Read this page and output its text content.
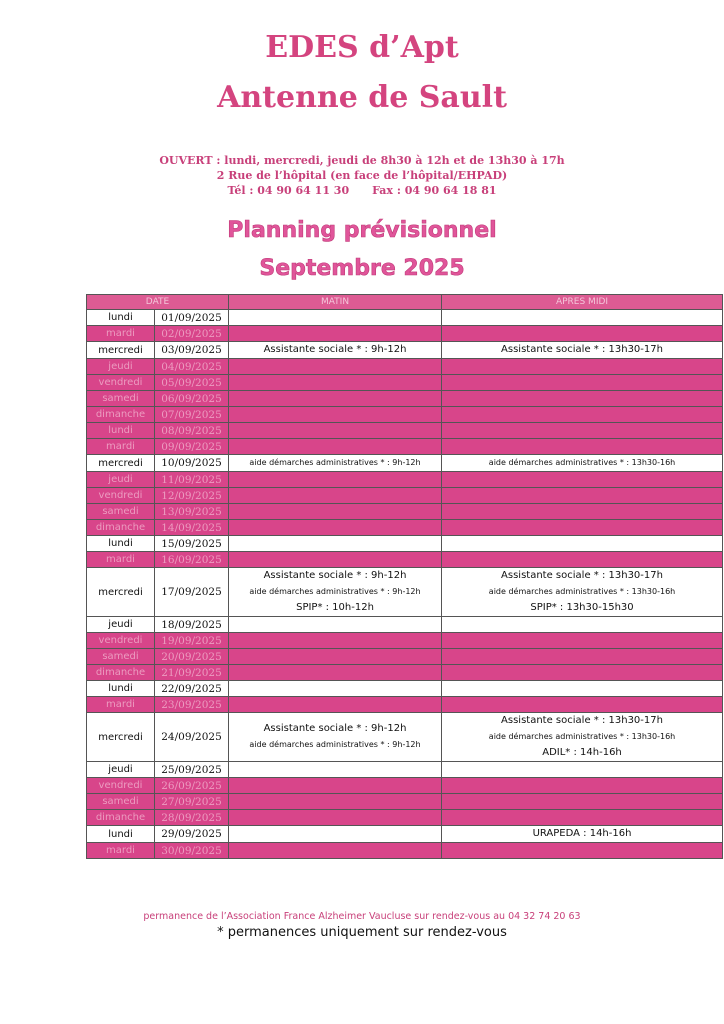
EDES d’Apt
Antenne de Sault
OUVERT : lundi, mercredi, jeudi de 8h30 à 12h et de 13h30 à 17h
2 Rue de l’hôpital (en face de l’hôpital/EHPAD)
Tél : 04 90 64 11 30      Fax : 04 90 64 18 81
Planning prévisionnel
Septembre 2025
DATE		MATIN	APRES MIDI
lundi	01/09/2025		
mardi	02/09/2025		
mercredi	03/09/2025	Assistante sociale * : 9h-12h	Assistante sociale * : 13h30-17h

jeudi	04/09/2025		
vendredi	05/09/2025		
samedi	06/09/2025		
dimanche	07/09/2025		
lundi	08/09/2025		
mardi	09/09/2025		
mercredi	10/09/2025	aide démarches administratives * : 9h-12h	aide démarches administratives * : 13h30-16h

jeudi	11/09/2025		
vendredi	12/09/2025		
samedi	13/09/2025		
dimanche	14/09/2025		
lundi	15/09/2025		
mardi	16/09/2025		
mercredi	17/09/2025	Assistante sociale * : 9h-12h
aide démarches administratives * : 9h-12h
SPIP* : 10h-12h	Assistante sociale * : 13h30-17h
aide démarches administratives * : 13h30-16h
SPIP* : 13h30-15h30

jeudi	18/09/2025		
vendredi	19/09/2025		
samedi	20/09/2025		
dimanche	21/09/2025		
lundi	22/09/2025		
mardi	23/09/2025		
mercredi	24/09/2025	Assistante sociale * : 9h-12h
aide démarches administratives * : 9h-12h	Assistante sociale * : 13h30-17h
aide démarches administratives * : 13h30-16h
ADIL* : 14h-16h

jeudi	25/09/2025		
vendredi	26/09/2025		
samedi	27/09/2025		
dimanche	28/09/2025		
lundi	29/09/2025		URAPEDA : 14h-16h

mardi	30/09/2025		
permanence de l’Association France Alzheimer Vaucluse sur rendez-vous au 04 32 74 20 63
* permanences uniquement sur rendez-vous
